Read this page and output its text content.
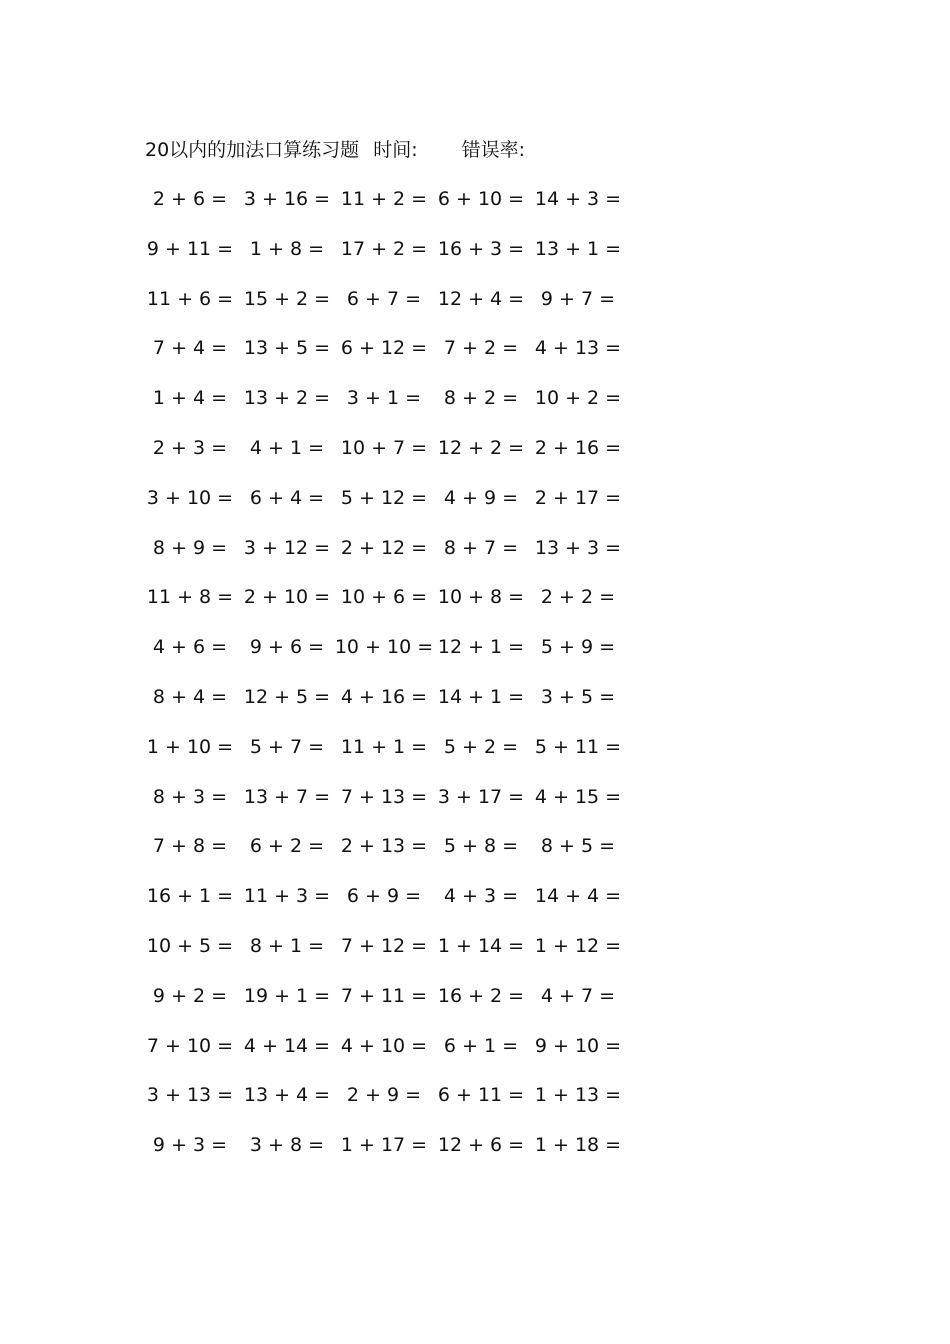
20以内的加法口算练习题 时间: 错误率:
2 + 6 = 3 + 16 = 11 + 2 = 6 + 10 = 14 + 3 =
9 + 11 = 1 + 8 = 17 + 2 = 16 + 3 = 13 + 1 =
11 + 6 = 15 + 2 = 6 + 7 = 12 + 4 = 9 + 7 =
7 + 4 = 13 + 5 = 6 + 12 = 7 + 2 = 4 + 13 =
1 + 4 = 13 + 2 = 3 + 1 =	8 + 2 = 10 + 2 =
2 + 3 =	4 + 1 = 10 + 7 = 12 + 2 = 2 + 16 =
3 + 10 = 6 + 4 = 5 + 12 = 4 + 9 = 2 + 17 =
8 + 9 = 3 + 12 = 2 + 12 = 8 + 7 = 13 + 3 =
11 + 8 = 2 + 10 = 10 + 6 = 10 + 8 = 2 + 2 =
4 + 6 =	9 + 6 = 10 + 10 = 12 + 1 = 5 + 9 =
8 + 4 = 12 + 5 = 4 + 16 = 14 + 1 = 3 + 5 =
1 + 10 = 5 + 7 = 11 + 1 = 5 + 2 = 5 + 11 =
8 + 3 = 13 + 7 = 7 + 13 = 3 + 17 = 4 + 15 =
7 + 8 =	6 + 2 = 2 + 13 = 5 + 8 =	8 + 5 =
16 + 1 = 11 + 3 = 6 + 9 =	4 + 3 = 14 + 4 =
10 + 5 = 8 + 1 = 7 + 12 = 1 + 14 = 1 + 12 =
9 + 2 = 19 + 1 = 7 + 11 = 16 + 2 = 4 + 7 =
7 + 10 = 4 + 14 = 4 + 10 = 6 + 1 = 9 + 10 =
3 + 13 = 13 + 4 = 2 + 9 = 6 + 11 = 1 + 13 =
9 + 3 =	3 + 8 = 1 + 17 = 12 + 6 = 1 + 18 =
